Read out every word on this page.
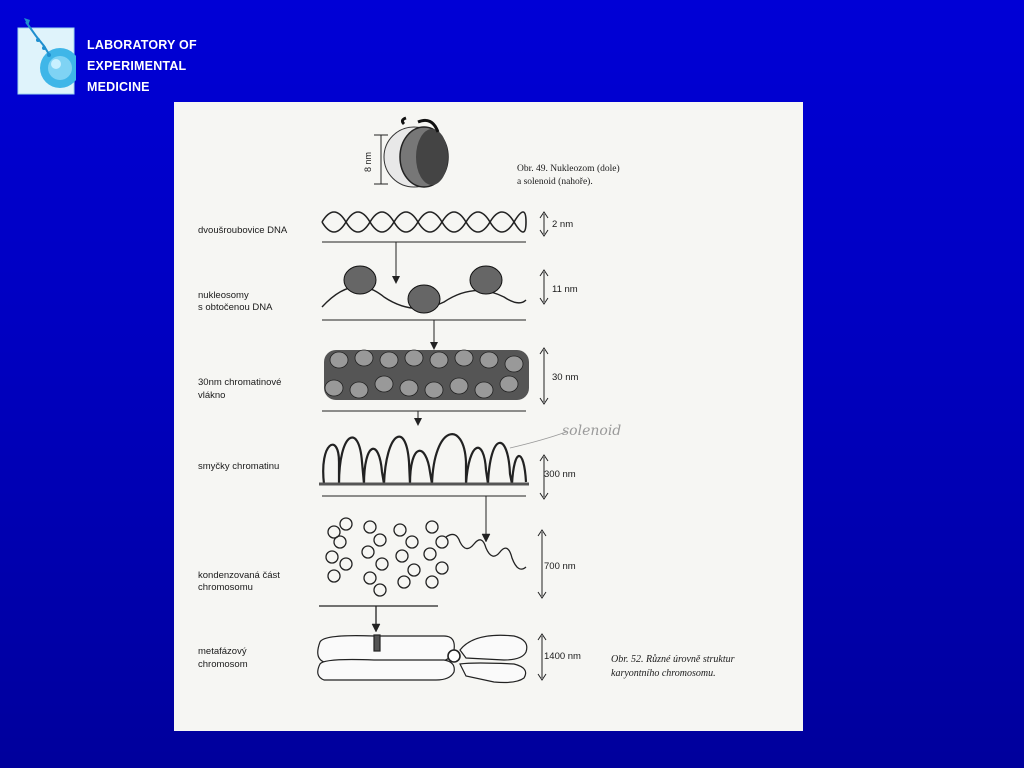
LABORATORY OF
EXPERIMENTAL
MEDICINE
8 nm	Obr. 49. Nukleozom (dole)
a solenoid (nahoře).
dvoušroubovice DNA
2 nm
nukleosomy
s obtočenou DNA
11 nm
30nm chromatinové
vlákno
30 nm
solenoid
smyčky chromatinu
300 nm
kondenzovaná část
chromosomu
700 nm
metafázový
chromosom
1400 nm	Obr. 52. Různé úrovně struktur
karyontního chromosomu.
